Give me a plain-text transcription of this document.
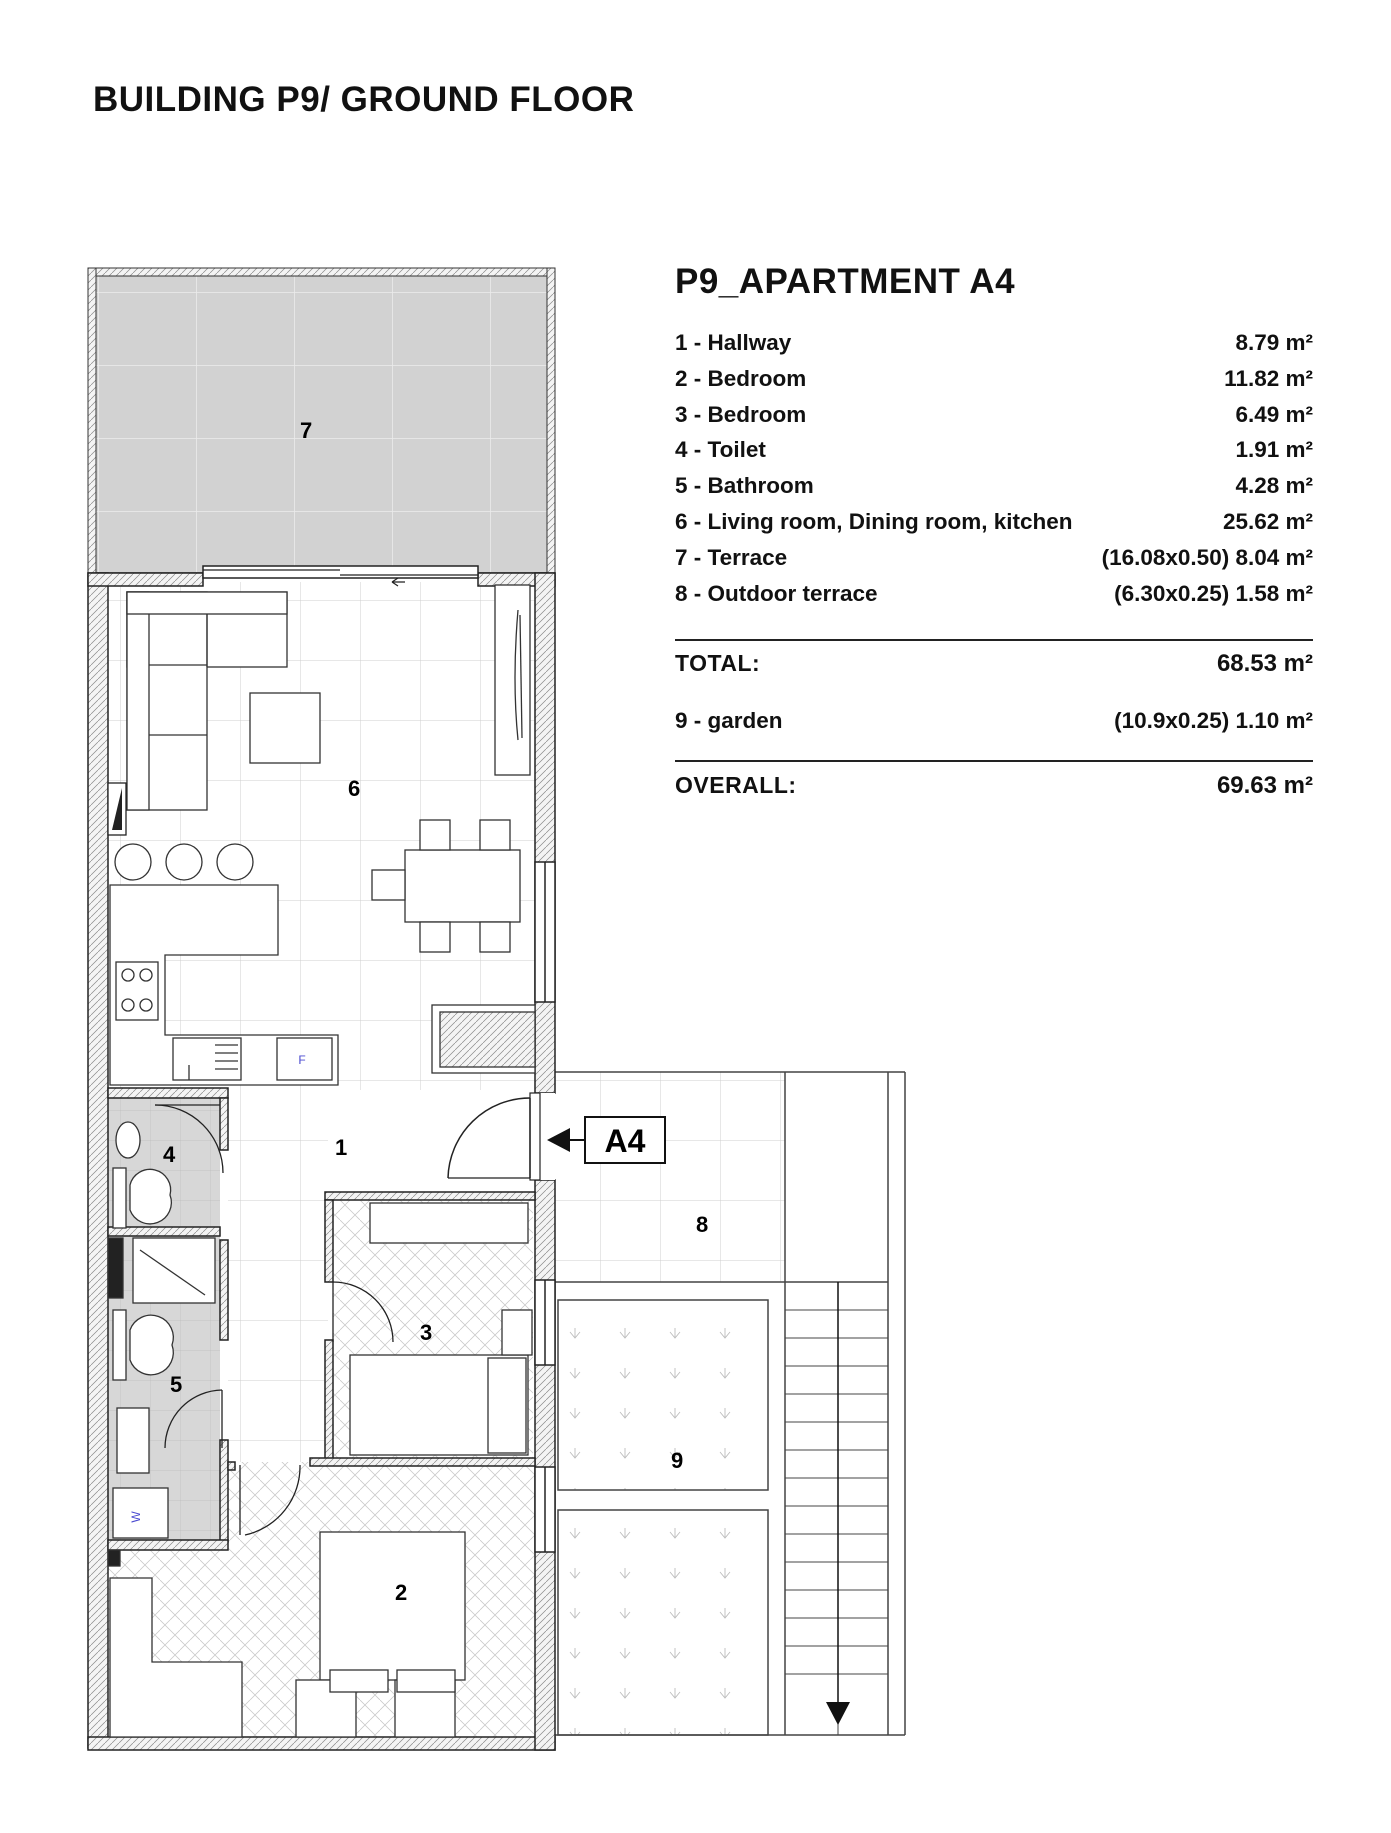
BUILDING P9/ GROUND FLOOR
P9_APARTMENT A4
1 - Hallway	8.79 m²
2 - Bedroom	11.82 m²
3 - Bedroom	6.49 m²
4 - Toilet	1.91 m²
5 - Bathroom	4.28 m²
6 - Living room, Dining room, kitchen	25.62 m²
7 - Terrace	(16.08x0.50) 8.04 m²
8 - Outdoor terrace	(6.30x0.25) 1.58 m²
TOTAL:	68.53 m²
9 - garden	(10.9x0.25) 1.10 m²
OVERALL:	69.63 m²
A4
F
W
1
2
3
4
5
6
7
8
9
